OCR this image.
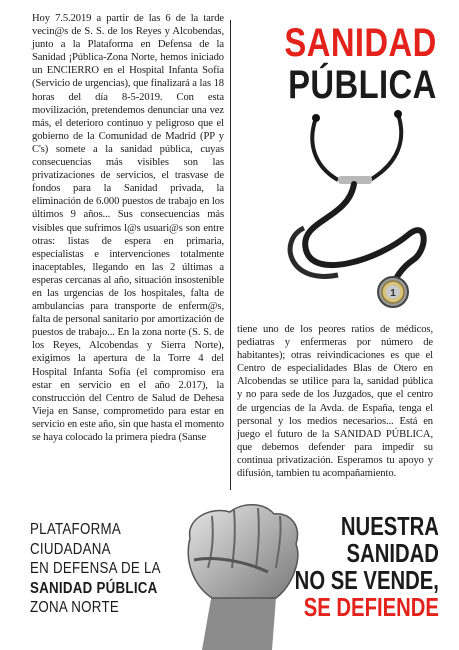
Hoy 7.5.2019 a partir de las 6 de la tarde vecin@s de S. S. de los Reyes y Alcobendas, junto a la Plataforma en Defensa de la Sanidad ¡Pública-Zona Norte, hemos iniciado un ENCIERRO en el Hospital Infanta Sofía (Servicio de urgencias), que finalizará a las 18 horas del día 8-5-2019. Con esta movilización, pretendemos denunciar una vez más, el deterioro continuo y peligroso que el gobierno de la Comunidad de Madrid (PP y C's) somete a la sanidad pública, cuyas consecuencias más visibles son las privatizaciones de servicios, el trasvase de fondos para la Sanidad privada, la eliminación de 6.000 puestos de trabajo en los últimos 9 años... Sus consecuencias más visibles que sufrimos l@s usuari@s son entre otras: listas de espera en primaria, especialistas e intervenciones totalmente inaceptables, llegando en las 2 últimas a esperas cercanas al año, situación insostenible en las urgencias de los hospitales, falta de ambulancias para transporte de enferm@s, falta de personal sanitario por amortización de puestos de trabajo... En la zona norte (S. S. de los Reyes, Alcobendas y Sierra Norte), exigimos la apertura de la Torre 4 del Hospital Infanta Sofía (el compromiso era estar en servicio en el año 2.017), la construcción del Centro de Salud de Dehesa Vieja en Sanse, comprometido para estar en servicio en este año, sin que hasta el momento se haya colocado la primera piedra (Sanse
SANIDAD
PÚBLICA
1
tiene uno de los peores ratios de médicos, pediatras y enfermeras por número de habitantes); otras reivindicaciones es que el Centro de especialidades Blas de Otero en Alcobendas se utilice para la, sanidad pública y no para sede de los Juzgados, que el centro de urgencias de la Avda. de España, tenga el personal y los medios necesarios... Está en juego el futuro de la SANIDAD PÚBLICA, que debemos defender para impedir su continua privatización. Esperamos tu apoyo y difusión, tambien tu acompañamiento.
PLATAFORMA
CIUDADANA
EN DEFENSA DE LA
SANIDAD PÚBLICA
ZONA NORTE
NUESTRA
SANIDAD
NO SE VENDE,
SE DEFIENDE
